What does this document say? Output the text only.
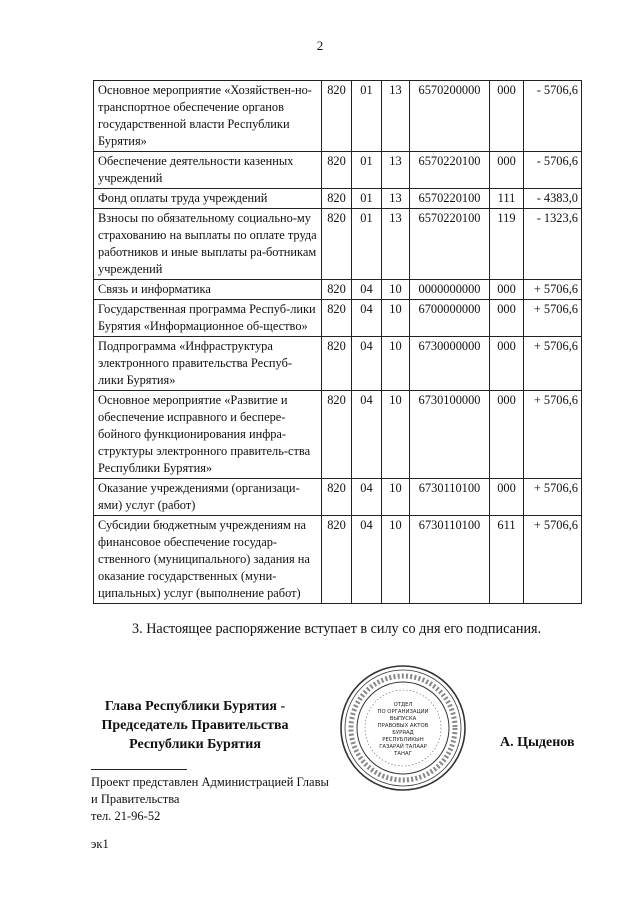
2
Основное мероприятие «Хозяйствен-но-транспортное обеспечение органов государственной власти Республики Бурятия»	820	01	13	6570200000	000	- 5706,6
Обеспечение деятельности казенных учреждений	820	01	13	6570220100	000	- 5706,6
Фонд оплаты труда учреждений	820	01	13	6570220100	111	- 4383,0
Взносы по обязательному социально-му страхованию на выплаты по оплате труда работников и иные выплаты ра-ботникам учреждений	820	01	13	6570220100	119	- 1323,6
Связь и информатика	820	04	10	0000000000	000	+ 5706,6
Государственная программа Респуб-лики Бурятия «Информационное об-щество»	820	04	10	6700000000	000	+ 5706,6
Подпрограмма «Инфраструктура электронного правительства Респуб-лики Бурятия»	820	04	10	6730000000	000	+ 5706,6
Основное мероприятие «Развитие и обеспечение исправного и беспере-бойного функционирования инфра-структуры электронного правитель-ства Республики Бурятия»	820	04	10	6730100000	000	+ 5706,6
Оказание учреждениями (организаци-ями) услуг (работ)	820	04	10	6730110100	000	+ 5706,6
Субсидии бюджетным учреждениям на финансовое обеспечение государ-ственного (муниципального) задания на оказание государственных (муни-ципальных) услуг (выполнение работ)	820	04	10	6730110100	611	+ 5706,6
3. Настоящее распоряжение вступает в силу со дня его подписания.
Глава Республики Бурятия -
Председатель Правительства
Республики Бурятия
ОТДЕЛ
ПО ОРГАНИЗАЦИИ
ВЫПУСКА
ПРАВОВЫХ АКТОВ
БУРЯАД
РЕСПУБЛИКЫН
ГАЗАРАЙ ТАЛААР
ТАНАГ
А. Цыденов
Проект представлен Администрацией Главы
и Правительства
тел. 21-96-52
эк1
